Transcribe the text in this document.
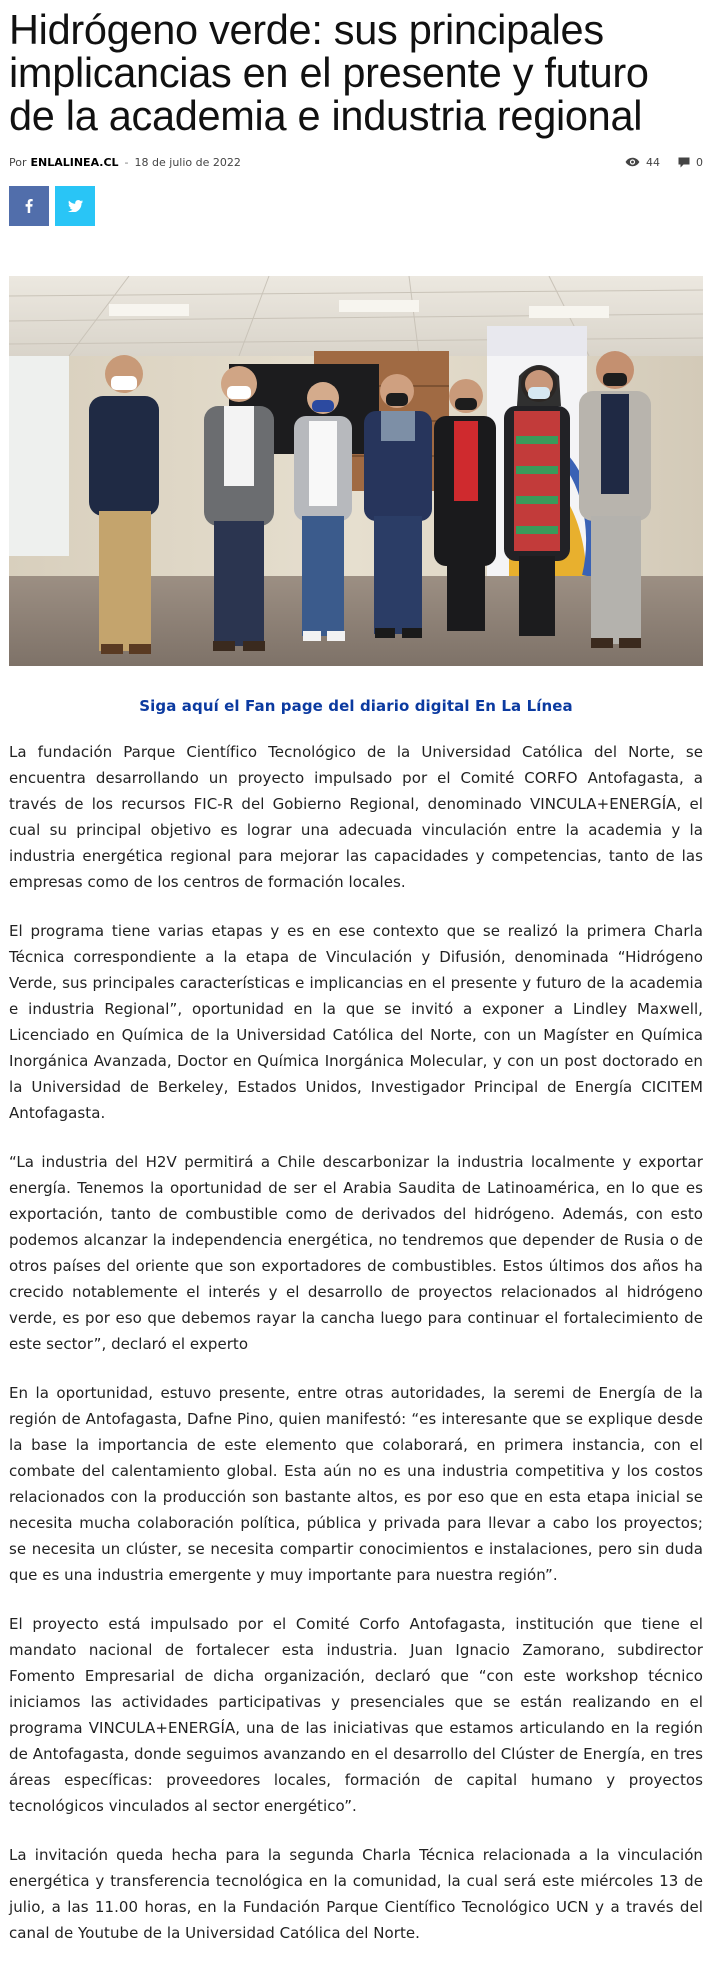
Hidrógeno verde: sus principales implicancias en el presente y futuro de la academia e industria regional
Por ENLALINEA.CL - 18 de julio de 2022	44	0
Siga aquí el Fan page del diario digital En La Línea

La fundación Parque Científico Tecnológico de la Universidad Católica del Norte, se encuentra desarrollando un proyecto impulsado por el Comité CORFO Antofagasta, a través de los recursos FIC-R del Gobierno Regional, denominado VINCULA+ENERGÍA, el cual su principal objetivo es lograr una adecuada vinculación entre la academia y la industria energética regional para mejorar las capacidades y competencias, tanto de las empresas como de los centros de formación locales.

El programa tiene varias etapas y es en ese contexto que se realizó la primera Charla Técnica correspondiente a la etapa de Vinculación y Difusión, denominada “Hidrógeno Verde, sus principales características e implicancias en el presente y futuro de la academia e industria Regional”, oportunidad en la que se invitó a exponer a Lindley Maxwell, Licenciado en Química de la Universidad Católica del Norte, con un Magíster en Química Inorgánica Avanzada, Doctor en Química Inorgánica Molecular, y con un post doctorado en la Universidad de Berkeley, Estados Unidos, Investigador Principal de Energía CICITEM Antofagasta.

“La industria del H2V permitirá a Chile descarbonizar la industria localmente y exportar energía. Tenemos la oportunidad de ser el Arabia Saudita de Latinoamérica, en lo que es exportación, tanto de combustible como de derivados del hidrógeno. Además, con esto podemos alcanzar la independencia energética, no tendremos que depender de Rusia o de otros países del oriente que son exportadores de combustibles. Estos últimos dos años ha crecido notablemente el interés y el desarrollo de proyectos relacionados al hidrógeno verde, es por eso que debemos rayar la cancha luego para continuar el fortalecimiento de este sector”, declaró el experto

En la oportunidad, estuvo presente, entre otras autoridades, la seremi de Energía de la región de Antofagasta, Dafne Pino, quien manifestó: “es interesante que se explique desde la base la importancia de este elemento que colaborará, en primera instancia, con el combate del calentamiento global. Esta aún no es una industria competitiva y los costos relacionados con la producción son bastante altos, es por eso que en esta etapa inicial se necesita mucha colaboración política, pública y privada para llevar a cabo los proyectos; se necesita un clúster, se necesita compartir conocimientos e instalaciones, pero sin duda que es una industria emergente y muy importante para nuestra región”.

El proyecto está impulsado por el Comité Corfo Antofagasta, institución que tiene el mandato nacional de fortalecer esta industria. Juan Ignacio Zamorano, subdirector Fomento Empresarial de dicha organización, declaró que “con este workshop técnico iniciamos las actividades participativas y presenciales que se están realizando en el programa VINCULA+ENERGÍA, una de las iniciativas que estamos articulando en la región de Antofagasta, donde seguimos avanzando en el desarrollo del Clúster de Energía, en tres áreas específicas: proveedores locales, formación de capital humano y proyectos tecnológicos vinculados al sector energético”.

La invitación queda hecha para la segunda Charla Técnica relacionada a la vinculación energética y transferencia tecnológica en la comunidad, la cual será este miércoles 13 de julio, a las 11.00 horas, en la Fundación Parque Científico Tecnológico UCN y a través del canal de Youtube de la Universidad Católica del Norte.
